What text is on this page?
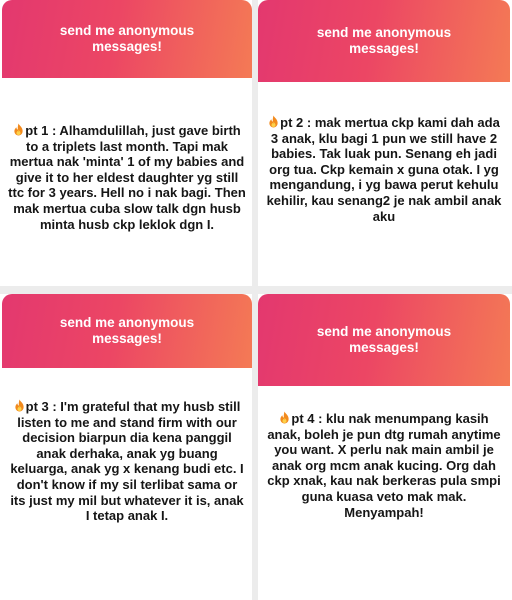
send me anonymous
messages!
pt 1 : Alhamdulillah, just gave birth to a triplets last month. Tapi mak mertua nak 'minta' 1 of my babies and give it to her eldest daughter yg still ttc for 3 years. Hell no i nak bagi. Then mak mertua cuba slow talk dgn husb minta husb ckp leklok dgn I.
send me anonymous
messages!
pt 2 : mak mertua ckp kami dah ada 3 anak, klu bagi 1 pun we still have 2 babies. Tak luak pun. Senang eh jadi org tua. Ckp kemain x guna otak. I yg mengandung, i yg bawa perut kehulu kehilir, kau senang2 je nak ambil anak aku
send me anonymous
messages!
pt 3 : I'm grateful that my husb still listen to me and stand firm with our decision biarpun dia kena panggil anak derhaka, anak yg buang keluarga, anak yg x kenang budi etc. I don't know if my sil terlibat sama or its just my mil but whatever it is, anak I tetap anak I.
send me anonymous
messages!
pt 4 : klu nak menumpang kasih anak, boleh je pun dtg rumah anytime you want. X perlu nak main ambil je anak org mcm anak kucing. Org dah ckp xnak, kau nak berkeras pula smpi guna kuasa veto mak mak. Menyampah!
